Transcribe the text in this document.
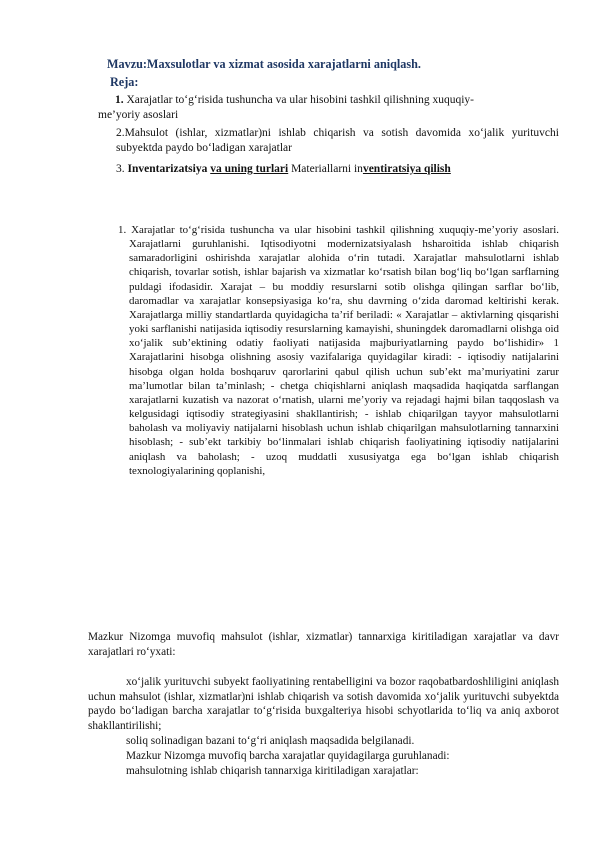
Mavzu:Maxsulotlar va xizmat asosida xarajatlarni aniqlash.

Reja:

1. Xarajatlar to‘g‘risida tushuncha va ular hisobini tashkil qilishning xuquqiy-

me’yoriy asoslari

2.Mahsulot (ishlar, xizmatlar)ni ishlab chiqarish va sotish davomida xo‘jalik yurituvchi subyektda paydo bo‘ladigan xarajatlar

3. Inventarizatsiya va uning turlari Materiallarni inventiratsiya qilish

1. Xarajatlar to‘g‘risida tushuncha va ular hisobini tashkil qilishning xuquqiy-me’yoriy asoslari. Xarajatlarni guruhlanishi. Iqtisodiyotni modernizatsiyalash hsharoitida ishlab chiqarish samaradorligini oshirishda xarajatlar alohida o‘rin tutadi. Xarajatlar mahsulotlarni ishlab chiqarish, tovarlar sotish, ishlar bajarish va xizmatlar ko‘rsatish bilan bog‘liq bo‘lgan sarflarning puldagi ifodasidir. Xarajat – bu moddiy resurslarni sotib olishga qilingan sarflar bo‘lib, daromadlar va xarajatlar konsepsiyasiga ko‘ra, shu davrning o‘zida daromad keltirishi kerak. Xarajatlarga milliy standartlarda quyidagicha ta’rif beriladi: « Xarajatlar – aktivlarning qisqarishi yoki sarflanishi natijasida iqtisodiy resurslarning kamayishi, shuningdek daromadlarni olishga oid xo‘jalik sub’ektining odatiy faoliyati natijasida majburiyatlarning paydo bo‘lishidir» 1 Xarajatlarini hisobga olishning asosiy vazifalariga quyidagilar kiradi: - iqtisodiy natijalarini hisobga olgan holda boshqaruv qarorlarini qabul qilish uchun sub’ekt ma’muriyatini zarur ma’lumotlar bilan ta’minlash; - chetga chiqishlarni aniqlash maqsadida haqiqatda sarflangan xarajatlarni kuzatish va nazorat o‘rnatish, ularni me’yoriy va rejadagi hajmi bilan taqqoslash va kelgusidagi iqtisodiy strategiyasini shakllantirish; - ishlab chiqarilgan tayyor mahsulotlarni baholash va moliyaviy natijalarni hisoblash uchun ishlab chiqarilgan mahsulotlarning tannarxini hisoblash; - sub’ekt tarkibiy bo‘linmalari ishlab chiqarish faoliyatining iqtisodiy natijalarini aniqlash va baholash; - uzoq muddatli xususiyatga ega bo‘lgan ishlab chiqarish texnologiyalarining qoplanishi,

Mazkur Nizomga muvofiq mahsulot (ishlar, xizmatlar) tannarxiga kiritiladigan xarajatlar va davr xarajatlari ro‘yxati:

xo‘jalik yurituvchi subyekt faoliyatining rentabelligini va bozor raqobatbardoshliligini aniqlash uchun mahsulot (ishlar, xizmatlar)ni ishlab chiqarish va sotish davomida xo‘jalik yurituvchi subyektda paydo bo‘ladigan barcha xarajatlar to‘g‘risida buxgalteriya hisobi schyotlarida to‘liq va aniq axborot shakllantirilishi;

soliq solinadigan bazani to‘g‘ri aniqlash maqsadida belgilanadi.

Mazkur Nizomga muvofiq barcha xarajatlar quyidagilarga guruhlanadi:

mahsulotning ishlab chiqarish tannarxiga kiritiladigan xarajatlar:
